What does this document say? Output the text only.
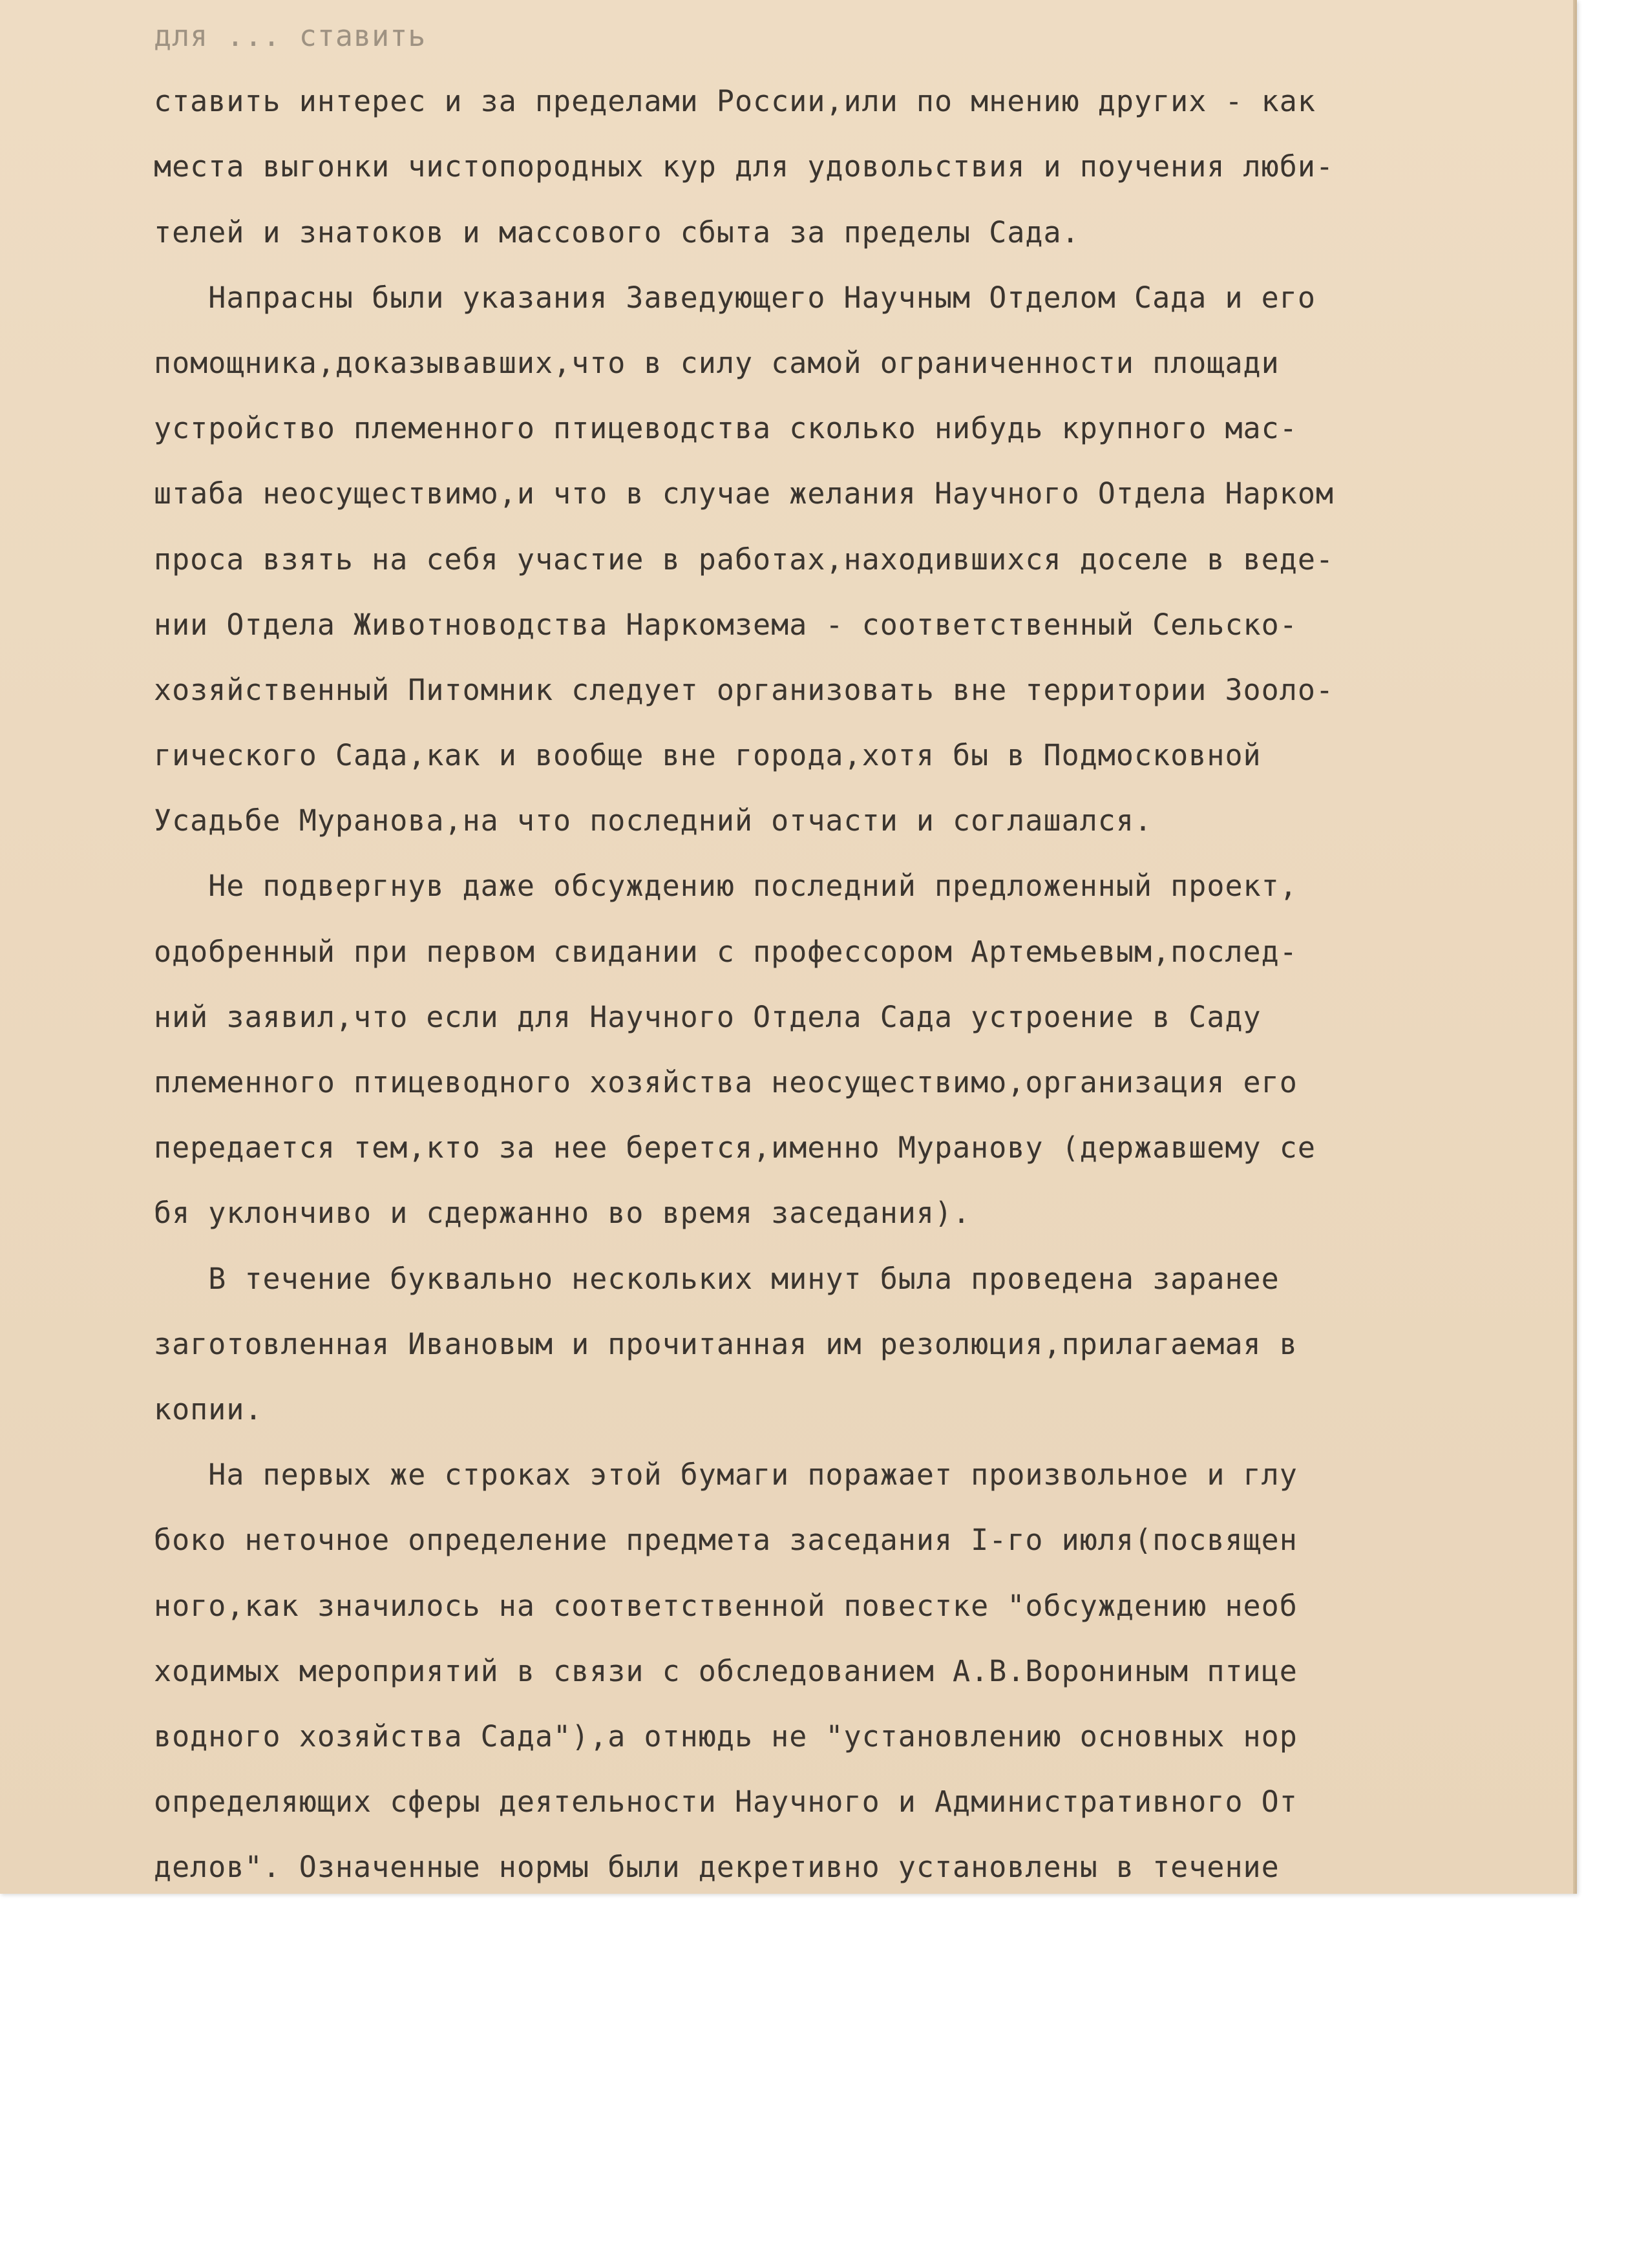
для ... ставить
ставить интерес и за пределами России,или по мнению других - как
места выгонки чистопородных кур для удовольствия и поучения люби-
телей и знатоков и массового сбыта за пределы Сада.
Напрасны были указания Заведующего Научным Отделом Сада и его
помощника,доказывавших,что в силу самой ограниченности площади
устройство племенного птицеводства сколько нибудь крупного мас-
штаба неосуществимо,и что в случае желания Научного Отдела Нарком
проса взять на себя участие в работах,находившихся доселе в веде-
нии Отдела Животноводства Наркомзема - соответственный Сельско-
хозяйственный Питомник следует организовать вне территории Зооло-
гического Сада,как и вообще вне города,хотя бы в Подмосковной
Усадьбе Муранова,на что последний отчасти и соглашался.
Не подвергнув даже обсуждению последний предложенный проект,
одобренный при первом свидании с профессором Артемьевым,послед-
ний заявил,что если для Научного Отдела Сада устроение в Саду
племенного птицеводного хозяйства неосуществимо,организация его
передается тем,кто за нее берется,именно Муранову (державшему се
бя уклончиво и сдержанно во время заседания).
В течение буквально нескольких минут была проведена заранее
заготовленная Ивановым и прочитанная им резолюция,прилагаемая в
копии.
На первых же строках этой бумаги поражает произвольное и глу
боко неточное определение предмета заседания I-го июля(посвящен
ного,как значилось на соответственной повестке "обсуждению необ
ходимых мероприятий в связи с обследованием А.В.Ворониным птице
водного хозяйства Сада"),а отнюдь не "установлению основных нор
определяющих сферы деятельности Научного и Административного От
делов". Означенные нормы были декретивно установлены в течение
